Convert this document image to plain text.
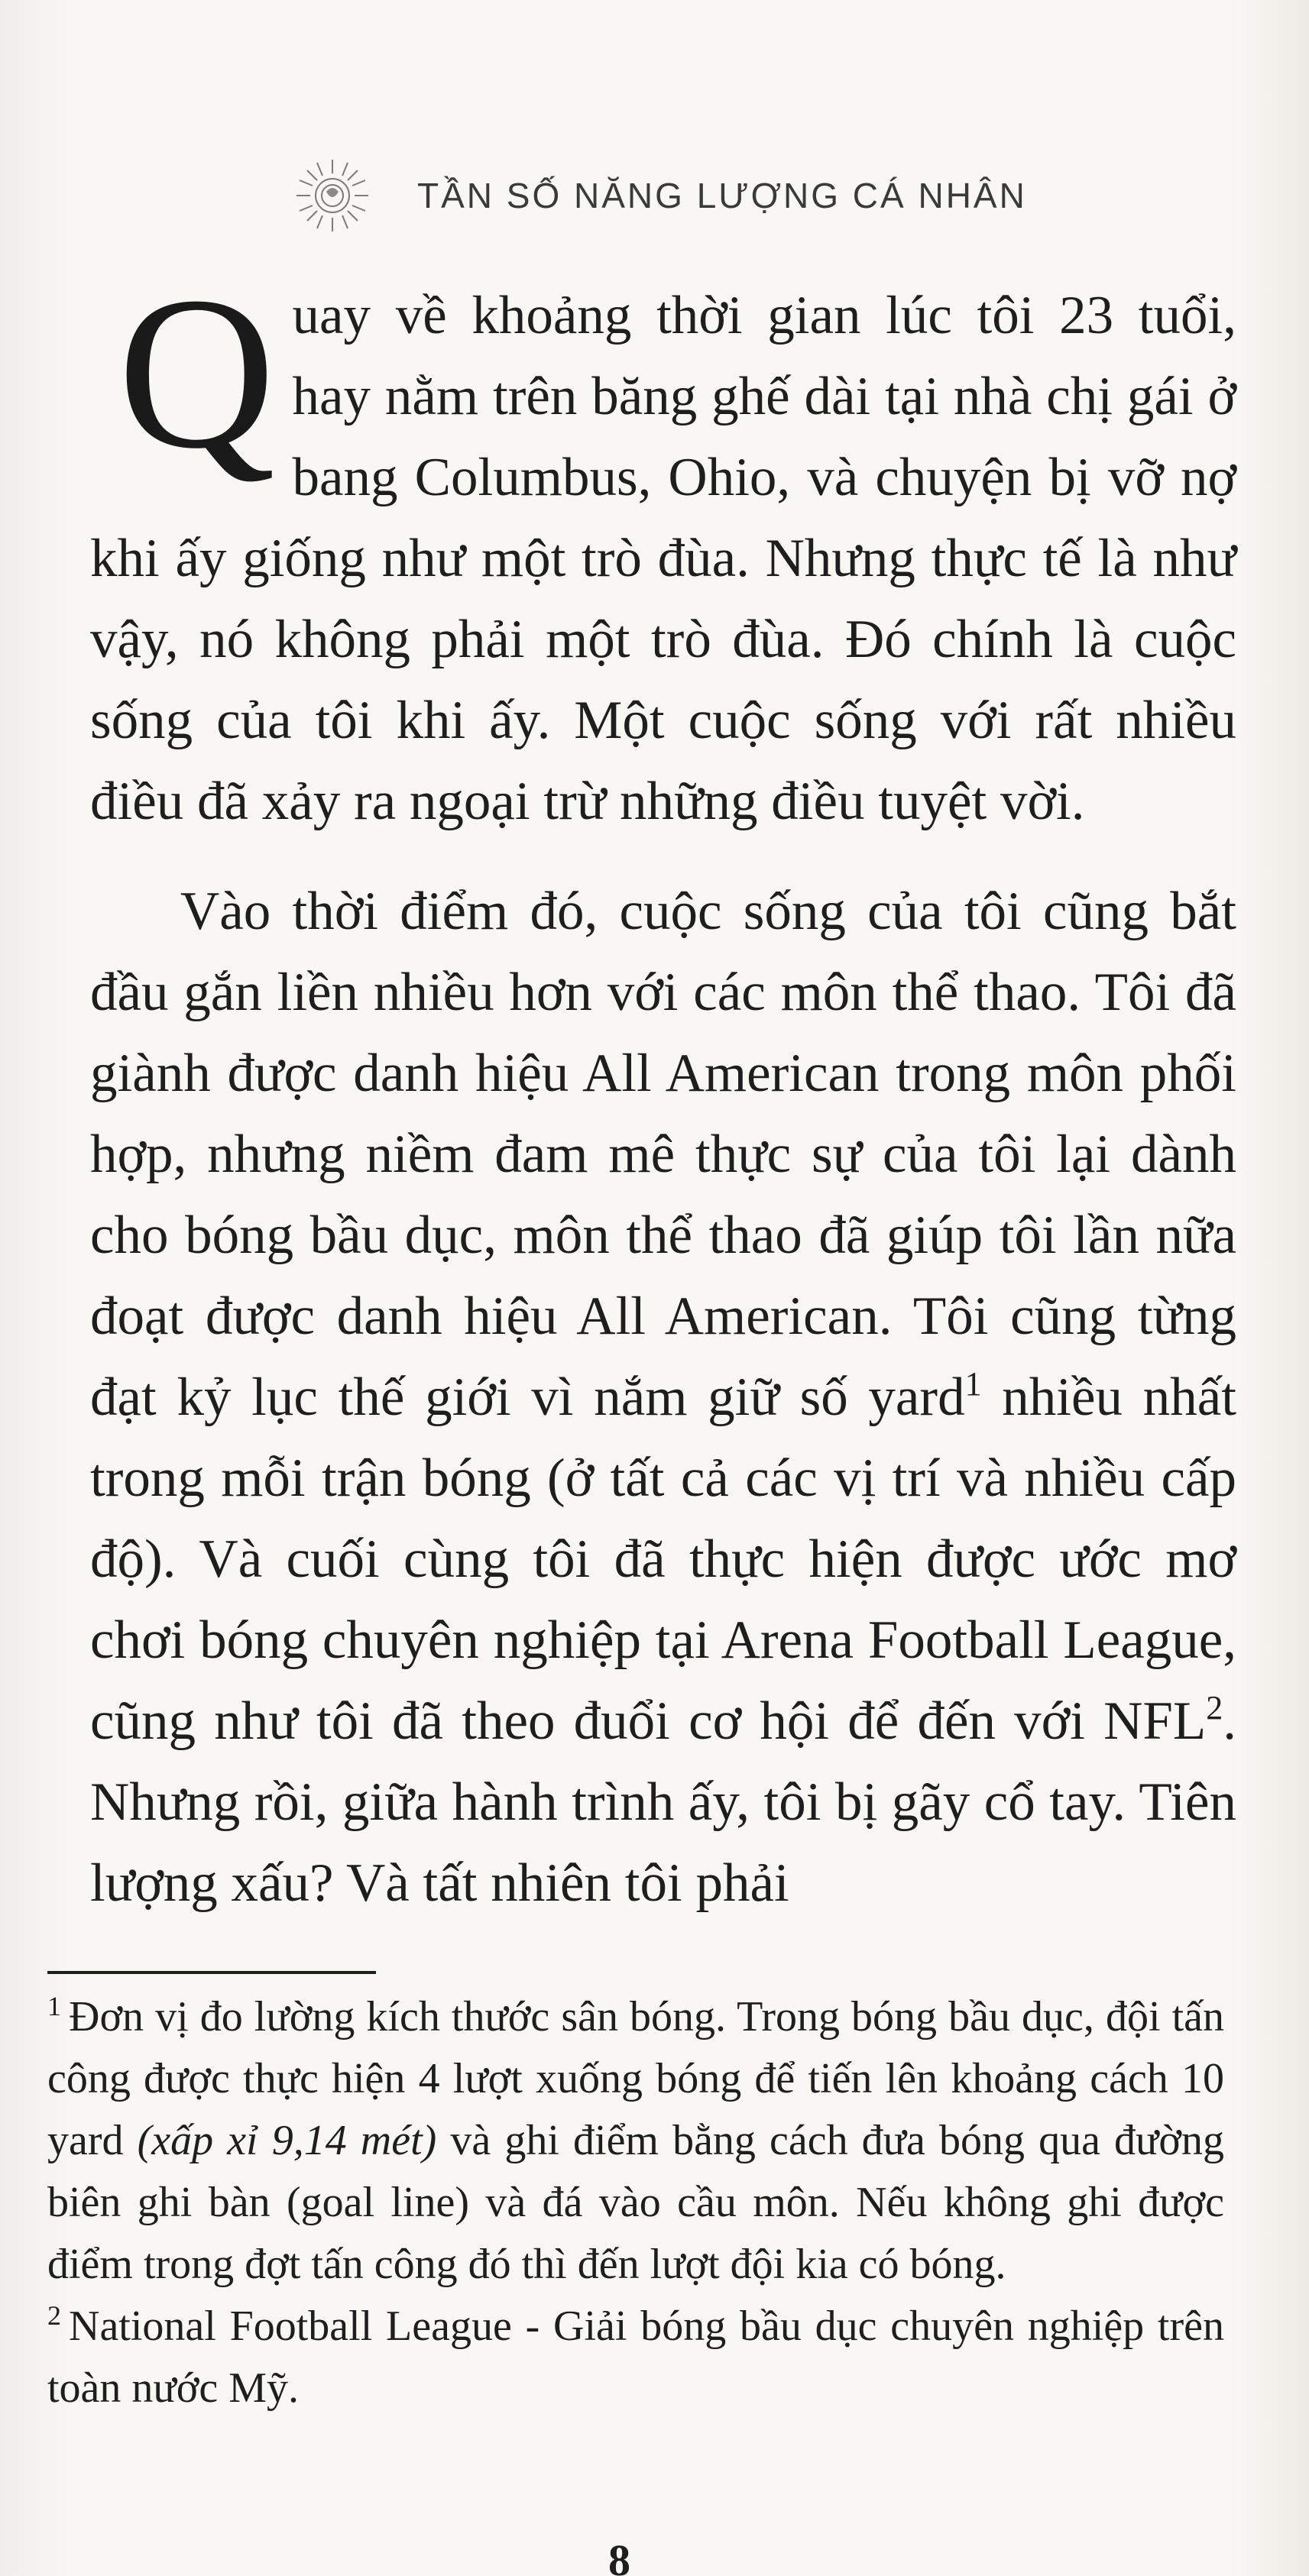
TẦN SỐ NĂNG LƯỢNG CÁ NHÂN
Quay về khoảng thời gian lúc tôi 23 tuổi, hay nằm trên băng ghế dài tại nhà chị gái ở bang Columbus, Ohio, và chuyện bị vỡ nợ khi ấy giống như một trò đùa. Nhưng thực tế là như vậy, nó không phải một trò đùa. Đó chính là cuộc sống của tôi khi ấy. Một cuộc sống với rất nhiều điều đã xảy ra ngoại trừ những điều tuyệt vời.
Vào thời điểm đó, cuộc sống của tôi cũng bắt đầu gắn liền nhiều hơn với các môn thể thao. Tôi đã giành được danh hiệu All American trong môn phối hợp, nhưng niềm đam mê thực sự của tôi lại dành cho bóng bầu dục, môn thể thao đã giúp tôi lần nữa đoạt được danh hiệu All American. Tôi cũng từng đạt kỷ lục thế giới vì nắm giữ số yard$^1$ nhiều nhất trong mỗi trận bóng (ở tất cả các vị trí và nhiều cấp độ). Và cuối cùng tôi đã thực hiện được ước mơ chơi bóng chuyên nghiệp tại Arena Football League, cũng như tôi đã theo đuổi cơ hội để đến với NFL$^2$. Nhưng rồi, giữa hành trình ấy, tôi bị gãy cổ tay. Tiên lượng xấu? Và tất nhiên tôi phải

$^1$ Đơn vị đo lường kích thước sân bóng. Trong bóng bầu dục, đội tấn công được thực hiện 4 lượt xuống bóng để tiến lên khoảng cách 10 yard (xấp xỉ 9,14 mét) và ghi điểm bằng cách đưa bóng qua đường biên ghi bàn (goal line) và đá vào cầu môn. Nếu không ghi được điểm trong đợt tấn công đó thì đến lượt đội kia có bóng.

$^2$ National Football League - Giải bóng bầu dục chuyên nghiệp trên toàn nước Mỹ.

8
